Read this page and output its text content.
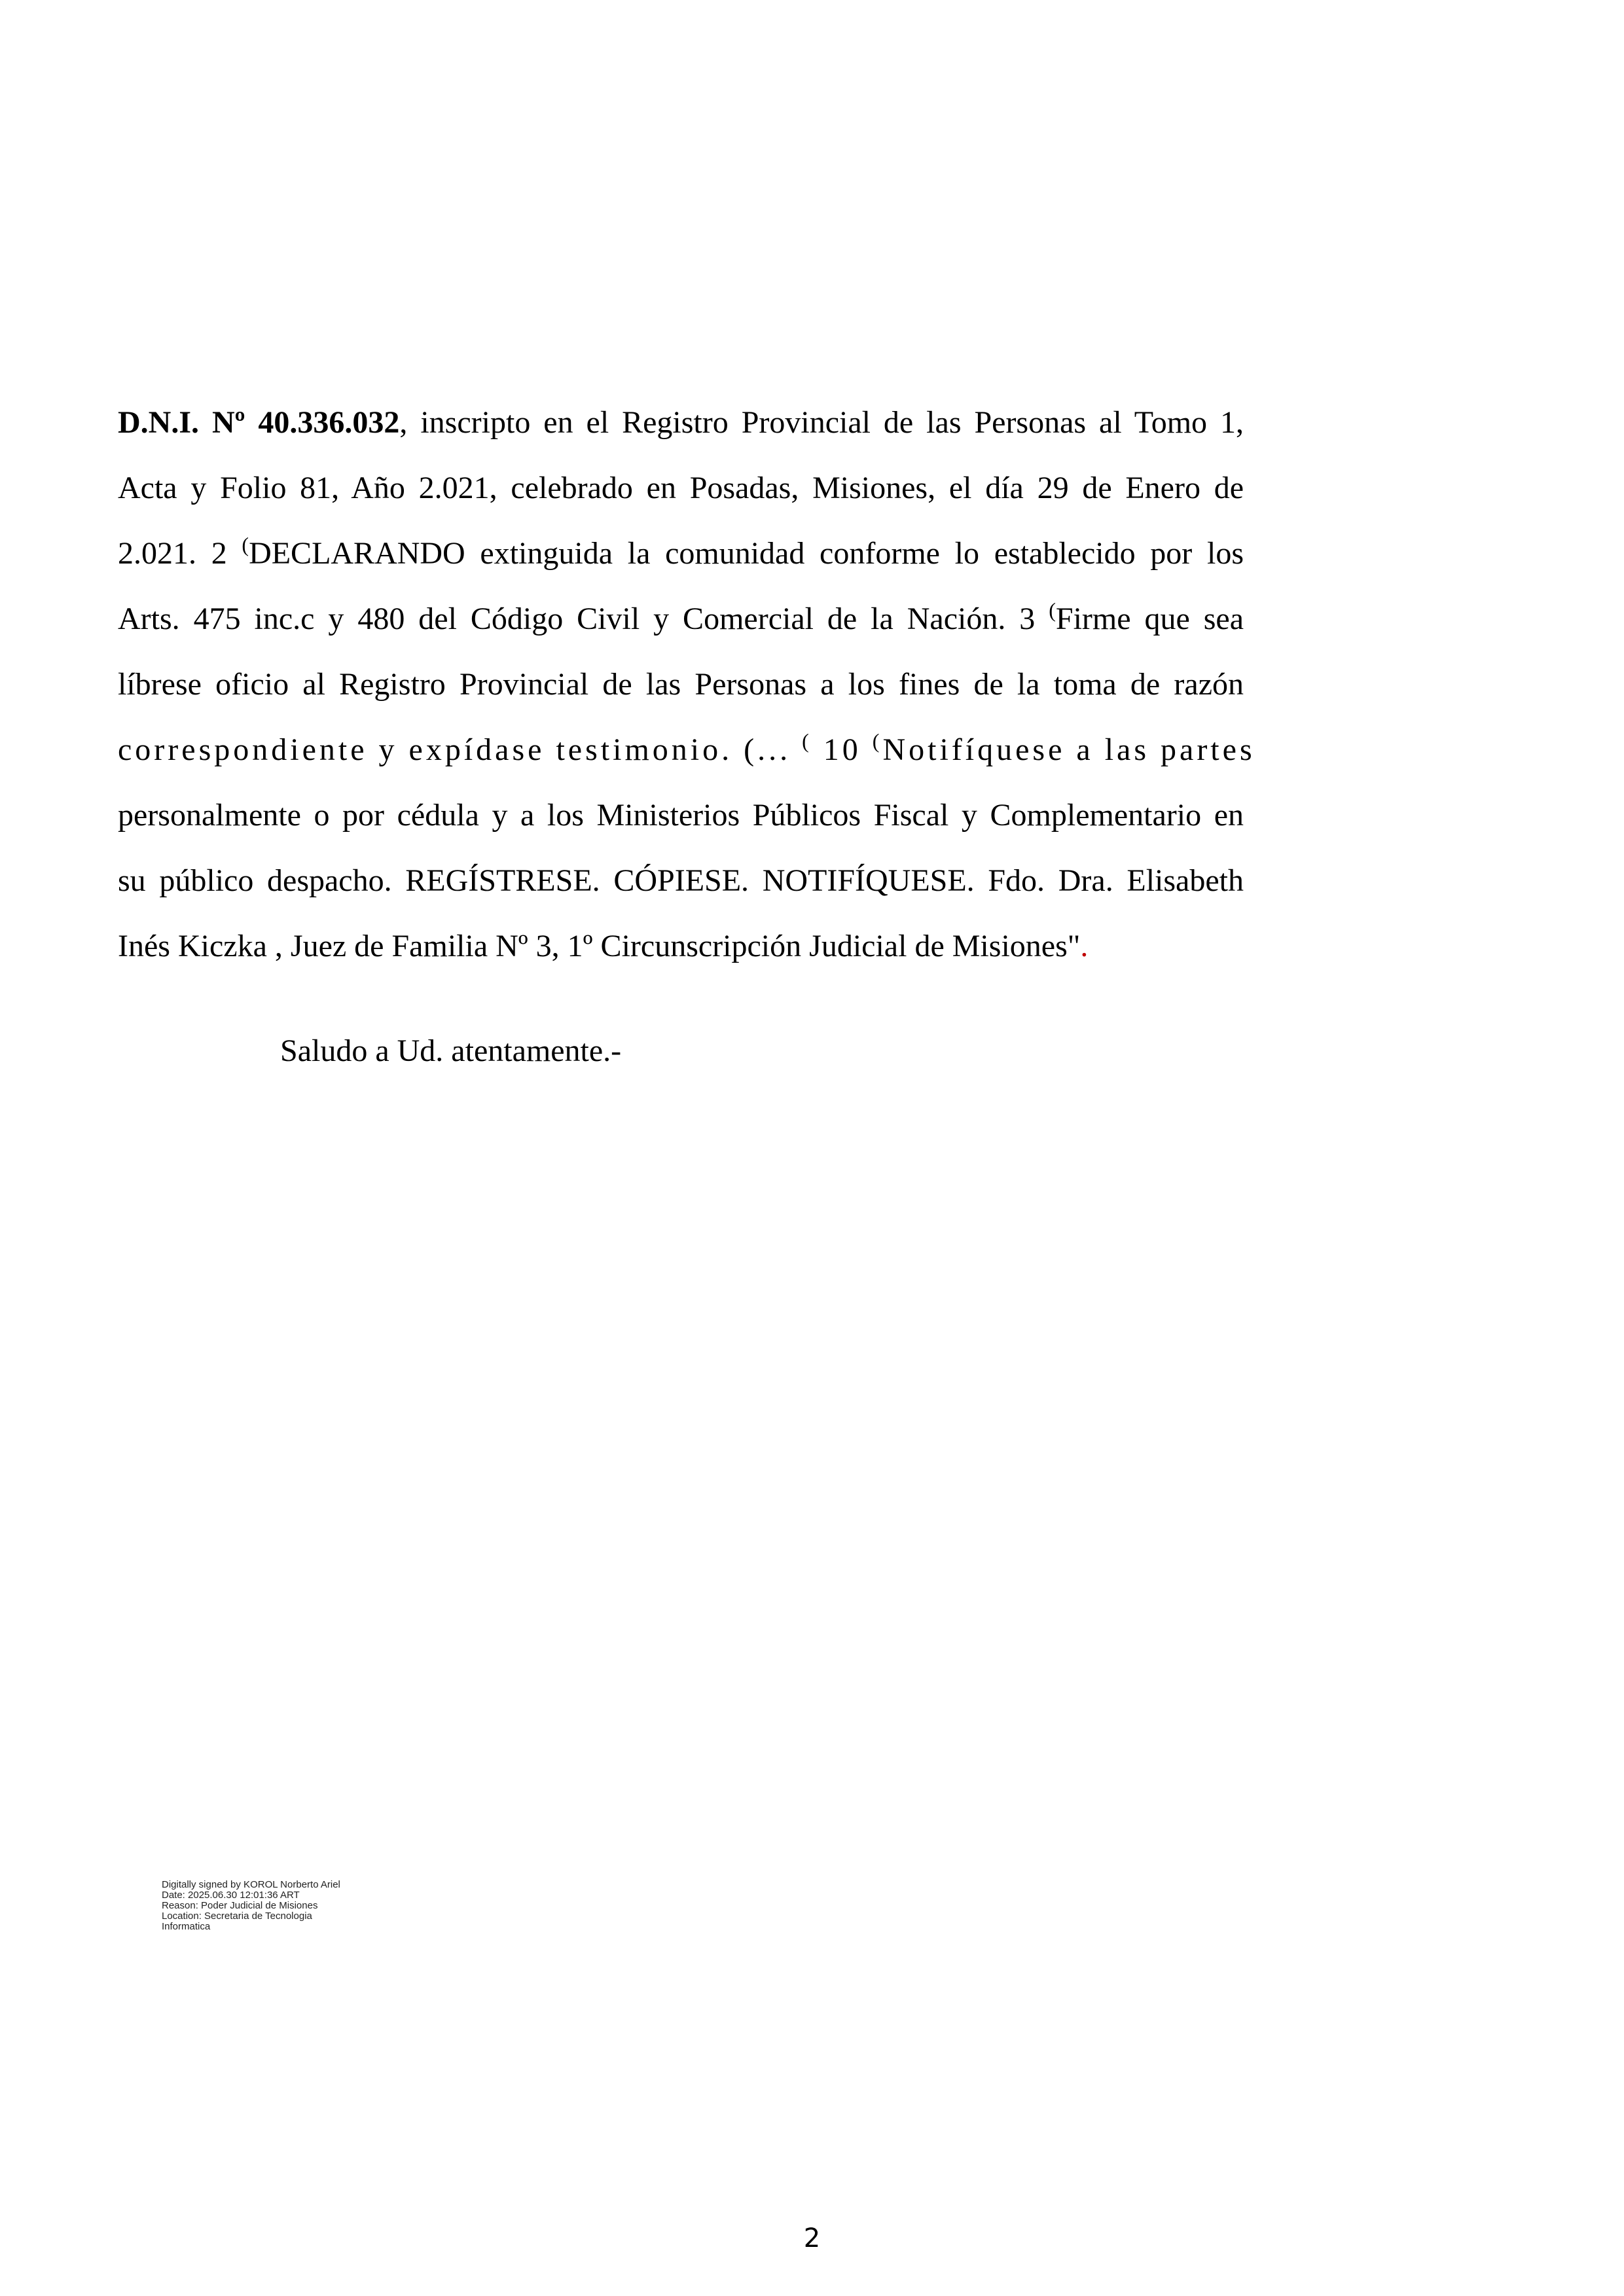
D.N.I. Nº 40.336.032, inscripto en el Registro Provincial de las Personas al Tomo 1,
Acta y Folio 81, Año 2.021, celebrado en Posadas, Misiones, el día 29 de Enero de
2.021. 2 (DECLARANDO extinguida la comunidad conforme lo establecido por los
Arts. 475 inc.c y 480 del Código Civil y Comercial de la Nación. 3 (Firme que sea
líbrese oficio al Registro Provincial de las Personas a los fines de la toma de razón
correspondiente y expídase testimonio. (... ( 10 (Notifíquese a las partes
personalmente o por cédula y a los Ministerios Públicos Fiscal y Complementario en
su público despacho. REGÍSTRESE. CÓPIESE. NOTIFÍQUESE. Fdo. Dra. Elisabeth
Inés Kiczka , Juez de Familia Nº 3, 1º Circunscripción Judicial de Misiones".
Saludo a Ud. atentamente.-
Digitally signed by KOROL Norberto Ariel
Date: 2025.06.30 12:01:36 ART
Reason: Poder Judicial de Misiones
Location: Secretaria de Tecnologia
Informatica
2
